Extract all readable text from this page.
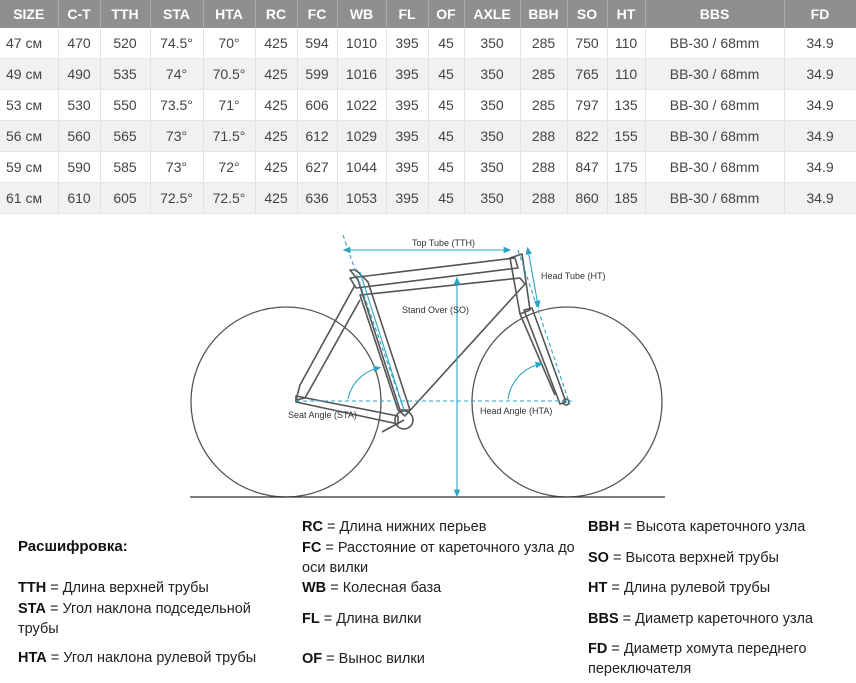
SIZE	C-T	TTH	STA	HTA	RC	FC	WB	FL	OF	AXLE	BBH	SO	HT	BBS	FD
47 см	470	520	74.5°	70°	425	594	1010	395	45	350	285	750	110	BB-30 / 68mm	34.9
49 см	490	535	74°	70.5°	425	599	1016	395	45	350	285	765	110	BB-30 / 68mm	34.9
53 см	530	550	73.5°	71°	425	606	1022	395	45	350	285	797	135	BB-30 / 68mm	34.9
56 см	560	565	73°	71.5°	425	612	1029	395	45	350	288	822	155	BB-30 / 68mm	34.9
59 см	590	585	73°	72°	425	627	1044	395	45	350	288	847	175	BB-30 / 68mm	34.9
61 см	610	605	72.5°	72.5°	425	636	1053	395	45	350	288	860	185	BB-30 / 68mm	34.9
Top Tube (TTH)
Head Tube (HT)
Stand Over (SO)
Seat Angle (STA)	Head Angle (HTA)
Расшифровка:
TTH = Длина верхней трубы
STA = Угол наклона подседельной трубы
HTA = Угол наклона рулевой трубы
RC = Длина нижних перьев
FC = Расстояние от кареточного узла до оси вилки
WB = Колесная база
FL = Длина вилки
OF = Вынос вилки
BBH = Высота кареточного узла
SO = Высота верхней трубы
HT = Длина рулевой трубы
BBS = Диаметр кареточного узла
FD = Диаметр хомута переднего переключателя
